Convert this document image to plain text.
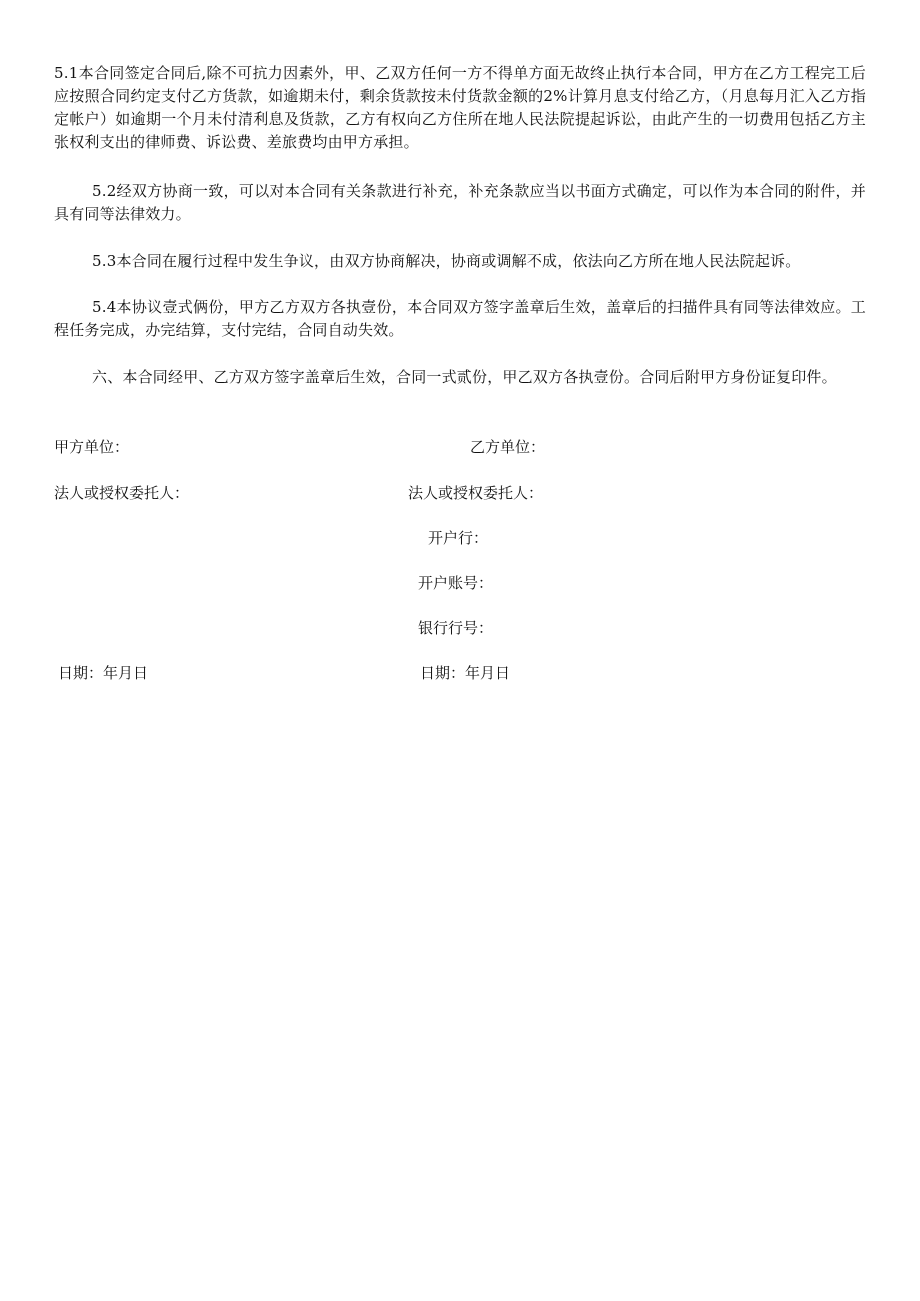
5.1本合同签定合同后,除不可抗力因素外，甲、乙双方任何一方不得单方面无故终止执行本合同，甲方在乙方工程完工后应按照合同约定支付乙方货款，如逾期未付，剩余货款按未付货款金额的2%计算月息支付给乙方，（月息每月汇入乙方指定帐户）如逾期一个月未付清利息及货款，乙方有权向乙方住所在地人民法院提起诉讼，由此产生的一切费用包括乙方主张权利支出的律师费、诉讼费、差旅费均由甲方承担。

5.2经双方协商一致，可以对本合同有关条款进行补充，补充条款应当以书面方式确定，可以作为本合同的附件，并具有同等法律效力。

5.3本合同在履行过程中发生争议，由双方协商解决，协商或调解不成，依法向乙方所在地人民法院起诉。

5.4本协议壹式俩份，甲方乙方双方各执壹份，本合同双方签字盖章后生效，盖章后的扫描件具有同等法律效应。工程任务完成，办完结算，支付完结，合同自动失效。

六、本合同经甲、乙方双方签字盖章后生效，合同一式贰份，甲乙双方各执壹份。合同后附甲方身份证复印件。

甲方单位：	乙方单位：
法人或授权委托人：	法人或授权委托人：
开户行：
开户账号：
银行行号：
日期：年月日	日期：年月日
